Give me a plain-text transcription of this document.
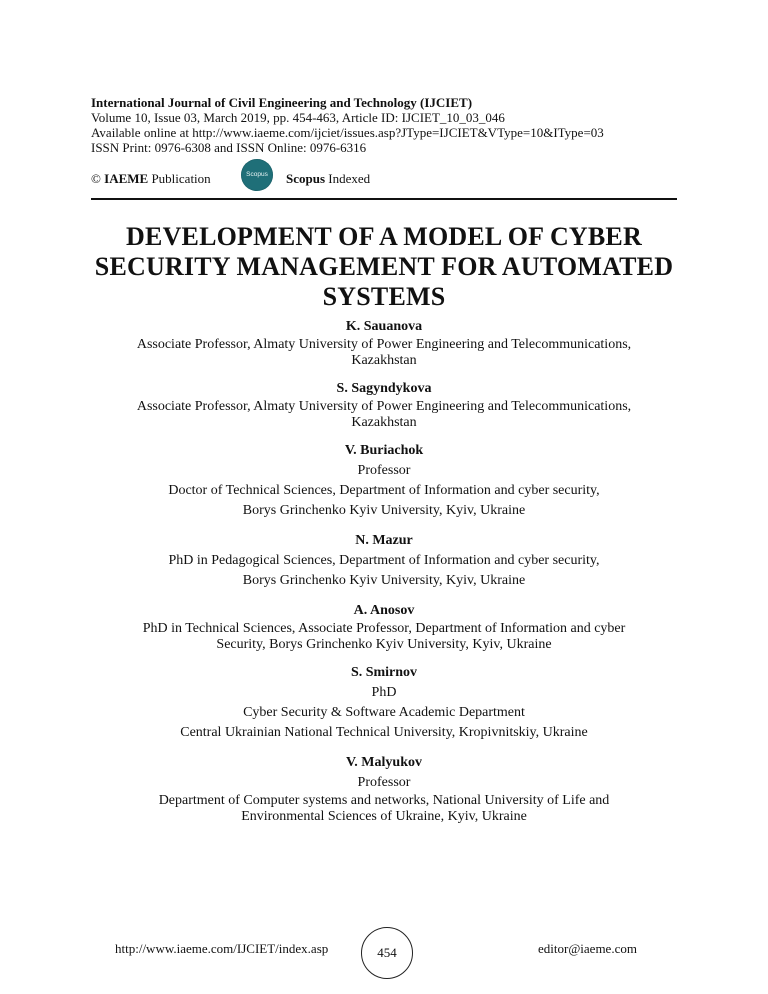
International Journal of Civil Engineering and Technology (IJCIET)
Volume 10, Issue 03, March 2019, pp. 454-463, Article ID: IJCIET_10_03_046
Available online at http://www.iaeme.com/ijciet/issues.asp?JType=IJCIET&VType=10&IType=03
ISSN Print: 0976-6308 and ISSN Online: 0976-6316
© IAEME Publication	Scopus	Scopus Indexed
DEVELOPMENT OF A MODEL OF CYBER
SECURITY MANAGEMENT FOR AUTOMATED
SYSTEMS
K. Sauanova
Associate Professor, Almaty University of Power Engineering and Telecommunications,
Kazakhstan
S. Sagyndykova
Associate Professor, Almaty University of Power Engineering and Telecommunications,
Kazakhstan
V. Buriachok
Professor
Doctor of Technical Sciences, Department of Information and cyber security,
Borys Grinchenko Kyiv University, Kyiv, Ukraine
N. Mazur
PhD in Pedagogical Sciences, Department of Information and cyber security,
Borys Grinchenko Kyiv University, Kyiv, Ukraine
A. Anosov
PhD in Technical Sciences, Associate Professor, Department of Information and cyber
Security, Borys Grinchenko Kyiv University, Kyiv, Ukraine
S. Smirnov
PhD
Cyber Security & Software Academic Department
Central Ukrainian National Technical University, Kropivnitskiy, Ukraine
V. Malyukov
Professor
Department of Computer systems and networks, National University of Life and
Environmental Sciences of Ukraine, Kyiv, Ukraine
http://www.iaeme.com/IJCIET/index.asp	454	editor@iaeme.com
